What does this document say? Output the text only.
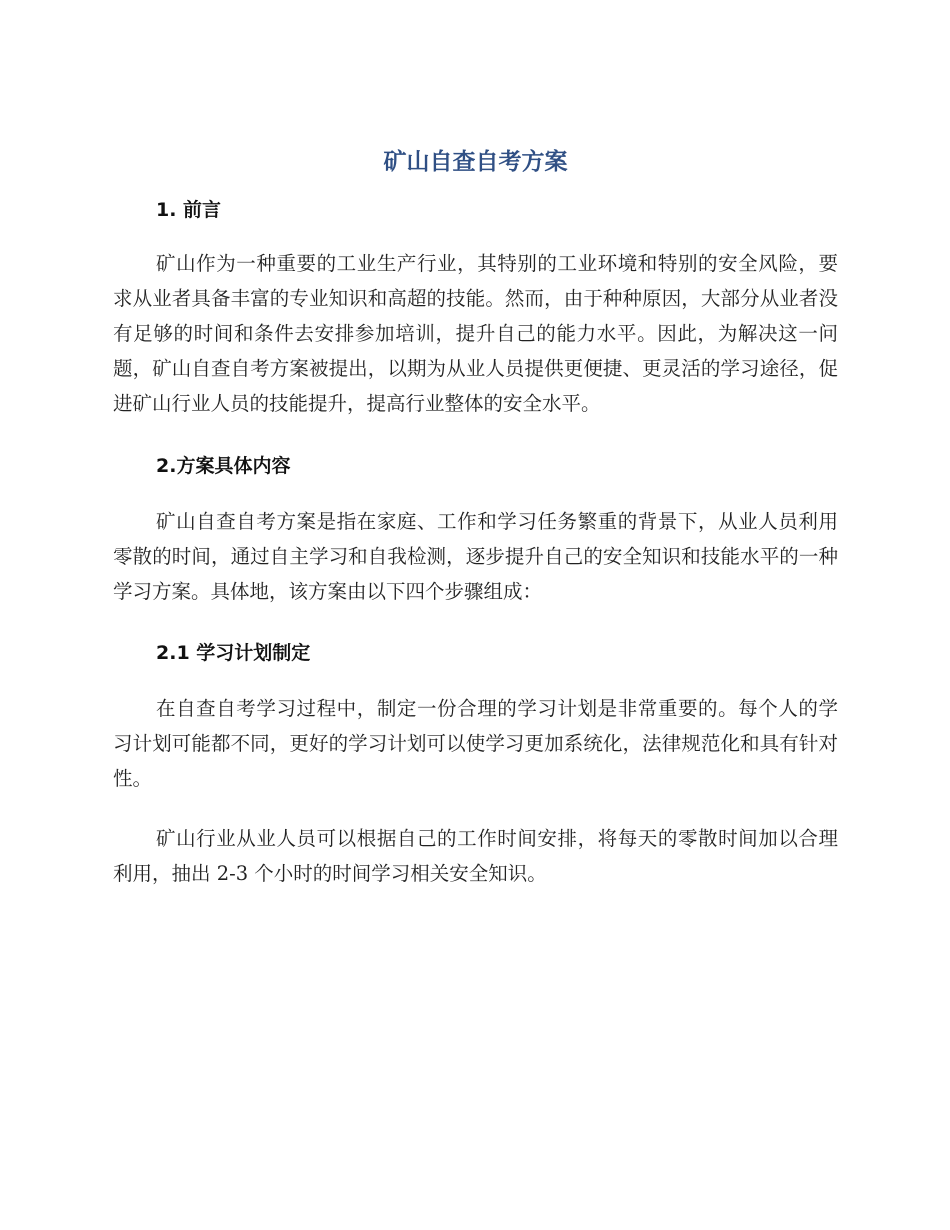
矿山自查自考方案
1. 前言

矿山作为一种重要的工业生产行业，其特别的工业环境和特别的安全风险，要求从业者具备丰富的专业知识和高超的技能。然而，由于种种原因，大部分从业者没有足够的时间和条件去安排参加培训，提升自己的能力水平。因此，为解决这一问题，矿山自查自考方案被提出，以期为从业人员提供更便捷、更灵活的学习途径，促进矿山行业人员的技能提升，提高行业整体的安全水平。

2.方案具体内容

矿山自查自考方案是指在家庭、工作和学习任务繁重的背景下，从业人员利用零散的时间，通过自主学习和自我检测，逐步提升自己的安全知识和技能水平的一种学习方案。具体地，该方案由以下四个步骤组成：

2.1 学习计划制定

在自查自考学习过程中，制定一份合理的学习计划是非常重要的。每个人的学习计划可能都不同，更好的学习计划可以使学习更加系统化，法律规范化和具有针对性。

矿山行业从业人员可以根据自己的工作时间安排，将每天的零散时间加以合理利用，抽出 2-3 个小时的时间学习相关安全知识。
